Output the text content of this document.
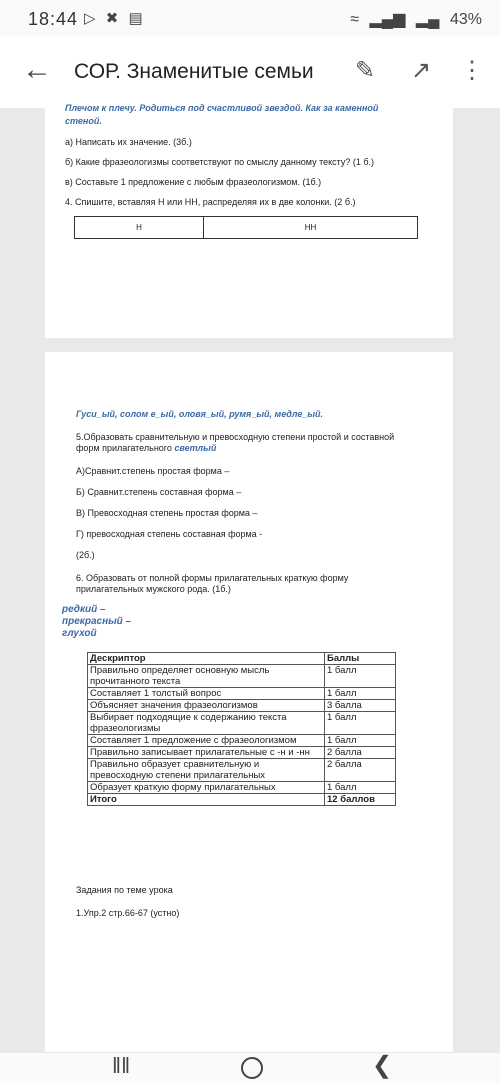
18:44 ▷ ✖ ▤	≈ ▂▄▆ ▂▄ 43%
← СОР. Знаменитые семьи ✎ ↗ ⋮
Плечом к плечу. Родиться под счастливой звездой. Как за каменной
стеной.
а) Написать их значение. (3б.)
б) Какие фразеологизмы соответствуют по смыслу данному тексту? (1 б.)
в) Составьте 1 предложение с любым фразеологизмом. (1б.)
4. Спишите, вставляя Н или НН, распределяя их в две колонки. (2 б.)
Н	НН
Гуси_ый, солом е_ый, оловя_ый, румя_ый, медле_ый.
5.Образовать сравнительную и превосходную степени простой и составной
форм прилагательного светлый
А)Сравнит.степень простая форма –
Б) Сравнит.степень составная форма –
В) Превосходная степень простая форма –
Г) превосходная степень составная форма -
(2б.)
6. Образовать от полной формы прилагательных краткую форму
прилагательных мужского рода. (1б.)
редкий –
прекрасный –
глухой
Дескриптор	Баллы
Правильно определяет основную мысль прочитанного текста	1 балл
Составляет 1 толстый вопрос	1 балл
Объясняет значения фразеологизмов	3 балла
Выбирает подходящие к содержанию текста фразеологизмы	1 балл
Составляет 1 предложение с фразеологизмом	1 балл
Правильно записывает прилагательные с -н и -нн	2 балла
Правильно образует сравнительную и превосходную степени прилагательных	2 балла
Образует краткую форму прилагательных	1 балл
Итого	12 баллов
Задания по теме урока
1.Упр.2 стр.66-67 (устно)
‖‖	❮
